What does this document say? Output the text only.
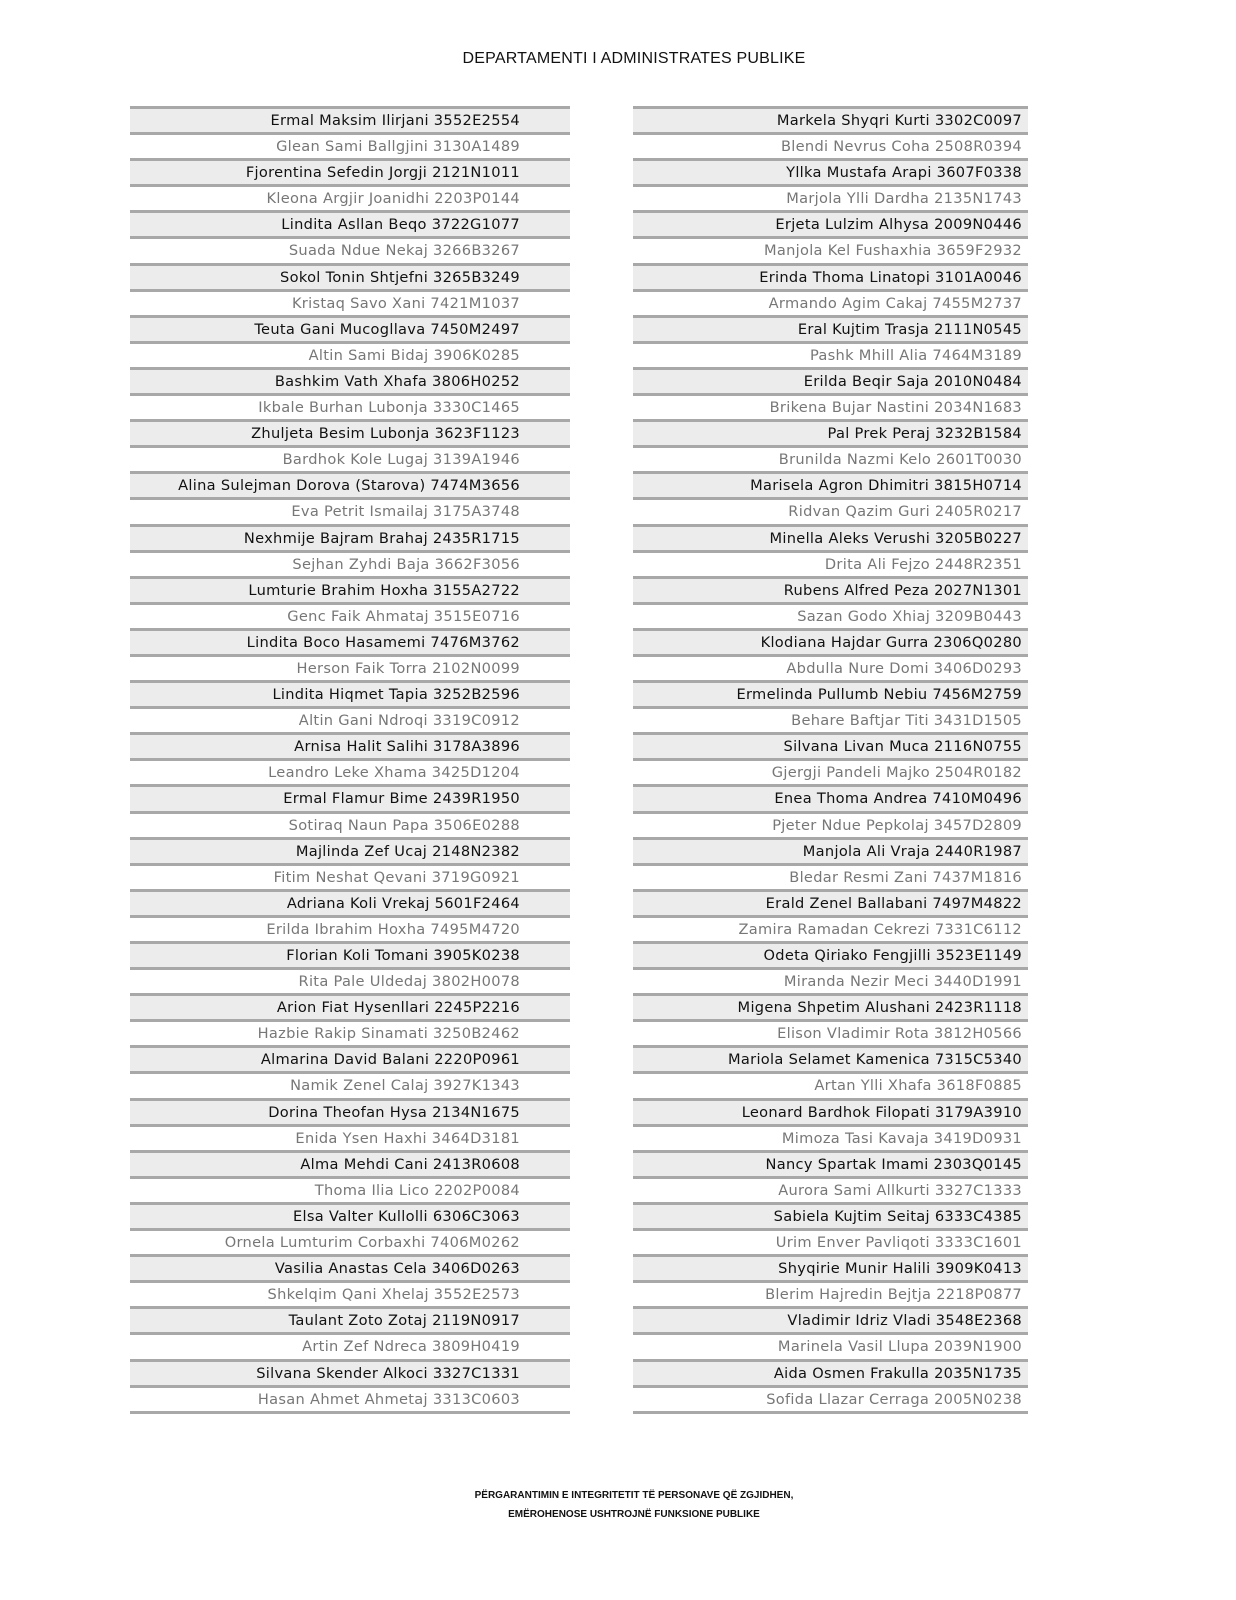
DEPARTAMENTI I ADMINISTRATES PUBLIKE
Ermal Maksim Ilirjani 3552E2554
Glean Sami Ballgjini 3130A1489
Fjorentina Sefedin Jorgji 2121N1011
Kleona Argjir Joanidhi 2203P0144
Lindita Asllan Beqo 3722G1077
Suada Ndue Nekaj 3266B3267
Sokol Tonin Shtjefni 3265B3249
Kristaq Savo Xani 7421M1037
Teuta Gani Mucogllava 7450M2497
Altin Sami Bidaj 3906K0285
Bashkim Vath Xhafa 3806H0252
Ikbale Burhan Lubonja 3330C1465
Zhuljeta Besim Lubonja 3623F1123
Bardhok Kole Lugaj 3139A1946
Alina Sulejman Dorova (Starova) 7474M3656
Eva Petrit Ismailaj 3175A3748
Nexhmije Bajram Brahaj 2435R1715
Sejhan Zyhdi Baja 3662F3056
Lumturie Brahim Hoxha 3155A2722
Genc Faik Ahmataj 3515E0716
Lindita Boco Hasamemi 7476M3762
Herson Faik Torra 2102N0099
Lindita Hiqmet Tapia 3252B2596
Altin Gani Ndroqi 3319C0912
Arnisa Halit Salihi 3178A3896
Leandro Leke Xhama 3425D1204
Ermal Flamur Bime 2439R1950
Sotiraq Naun Papa 3506E0288
Majlinda Zef Ucaj 2148N2382
Fitim Neshat Qevani 3719G0921
Adriana Koli Vrekaj 5601F2464
Erilda Ibrahim Hoxha 7495M4720
Florian Koli Tomani 3905K0238
Rita Pale Uldedaj 3802H0078
Arion Fiat Hysenllari 2245P2216
Hazbie Rakip Sinamati 3250B2462
Almarina David Balani 2220P0961
Namik Zenel Calaj 3927K1343
Dorina Theofan Hysa 2134N1675
Enida Ysen Haxhi 3464D3181
Alma Mehdi Cani 2413R0608
Thoma Ilia Lico 2202P0084
Elsa Valter Kullolli 6306C3063
Ornela Lumturim Corbaxhi 7406M0262
Vasilia Anastas Cela 3406D0263
Shkelqim Qani Xhelaj 3552E2573
Taulant Zoto Zotaj 2119N0917
Artin Zef Ndreca 3809H0419
Silvana Skender Alkoci 3327C1331
Hasan Ahmet Ahmetaj 3313C0603
Markela Shyqri Kurti 3302C0097
Blendi Nevrus Coha 2508R0394
Yllka Mustafa Arapi 3607F0338
Marjola Ylli Dardha 2135N1743
Erjeta Lulzim Alhysa 2009N0446
Manjola Kel Fushaxhia 3659F2932
Erinda Thoma Linatopi 3101A0046
Armando Agim Cakaj 7455M2737
Eral Kujtim Trasja 2111N0545
Pashk Mhill Alia 7464M3189
Erilda Beqir Saja 2010N0484
Brikena Bujar Nastini 2034N1683
Pal Prek Peraj 3232B1584
Brunilda Nazmi Kelo 2601T0030
Marisela Agron Dhimitri 3815H0714
Ridvan Qazim Guri 2405R0217
Minella Aleks Verushi 3205B0227
Drita Ali Fejzo 2448R2351
Rubens Alfred Peza 2027N1301
Sazan Godo Xhiaj 3209B0443
Klodiana Hajdar Gurra 2306Q0280
Abdulla Nure Domi 3406D0293
Ermelinda Pullumb Nebiu 7456M2759
Behare Baftjar Titi 3431D1505
Silvana Livan Muca 2116N0755
Gjergji Pandeli Majko 2504R0182
Enea Thoma Andrea 7410M0496
Pjeter Ndue Pepkolaj 3457D2809
Manjola Ali Vraja 2440R1987
Bledar Resmi Zani 7437M1816
Erald Zenel Ballabani 7497M4822
Zamira Ramadan Cekrezi 7331C6112
Odeta Qiriako Fengjilli 3523E1149
Miranda Nezir Meci 3440D1991
Migena Shpetim Alushani 2423R1118
Elison Vladimir Rota 3812H0566
Mariola Selamet Kamenica 7315C5340
Artan Ylli Xhafa 3618F0885
Leonard Bardhok Filopati 3179A3910
Mimoza Tasi Kavaja 3419D0931
Nancy Spartak Imami 2303Q0145
Aurora Sami Allkurti 3327C1333
Sabiela Kujtim Seitaj 6333C4385
Urim Enver Pavliqoti 3333C1601
Shyqirie Munir Halili 3909K0413
Blerim Hajredin Bejtja 2218P0877
Vladimir Idriz Vladi 3548E2368
Marinela Vasil Llupa 2039N1900
Aida Osmen Frakulla 2035N1735
Sofida Llazar Cerraga 2005N0238
PËRGARANTIMIN E INTEGRITETIT TË PERSONAVE QË ZGJIDHEN,
EMËROHENOSE USHTROJNË FUNKSIONE PUBLIKE
